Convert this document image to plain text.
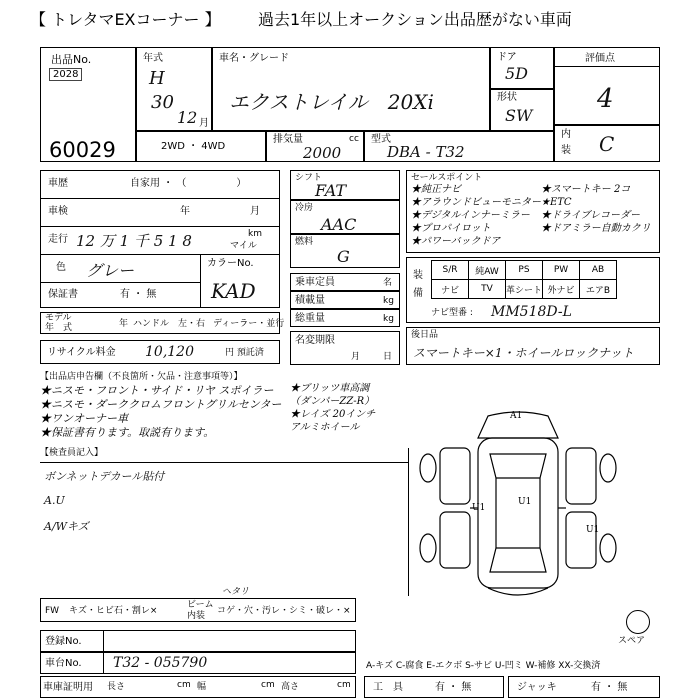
【 トレタマEXコーナー 】 過去1年以上オークション出品歴がない車両
出品No.
2028
60029
年式
H
30
12 月
車名・グレード
エクストレイル　20Xi
ドア
5D
形状
SW
評価点
4
内
装 C
2WD ・ 4WD
排気量	cc
2000
型式
DBA - T32
車歴	自家用 ・ （　　　　　）
車検	年	月
走行 12 万 1 千 5 1 8	km
マイル
色 グレー
保証書	有 ・ 無
カラーNo.
KAD
モデル
年　式	年 ハンドル　左・右 ディーラー・並行
リサイクル料金 10,120	円 預託済
シフト
FAT
冷房
AAC
燃料
G
乗車定員	名
積載量	kg
総重量	kg
名変期限
月	日
セールスポイント
★純正ナビ
★アラウンドビューモニター
★デジタルインナーミラー
★プロパイロット
★パワーバックドア
★スマートキー 2コ
★ETC
★ドライブレコーダー
★ドアミラー自動カクリ
装
備
S/R	純AW	PS	PW	AB
ナビ	TV	革シート	外ナビ	エアB
ナビ型番 : MM518D-L
後日品
スマートキー×1・ホイールロックナット
【出品店申告欄（不良箇所・欠品・注意事項等）】
★ニスモ・フロント・サイド・リヤ スポイラー
★ニスモ・ダーククロムフロントグリルセンター
★ワンオーナー車
★保証書有ります。取説有ります。
★ブリッツ車高調
（ダンパーZZ-R）
★レイズ 20インチ
アルミホイール
【検査員記入】
ボンネットデカール貼付
A.U
A/Wキズ
A1
U1
U1
U1
スペア
FW キズ・ヒビ石・割レ×
ビーム
内装 コゲ・穴・汚レ・シミ・破レ・×
ヘタリ
登録No.
車台No. T32 - 055790
車庫証明用 長さ	cm 幅	cm 高さ	cm
A-キズ C-腐食 E-エクボ S-サビ U-凹ミ W-補修 XX-交換済
工　具	有 ・ 無	ジャッキ	有 ・ 無
